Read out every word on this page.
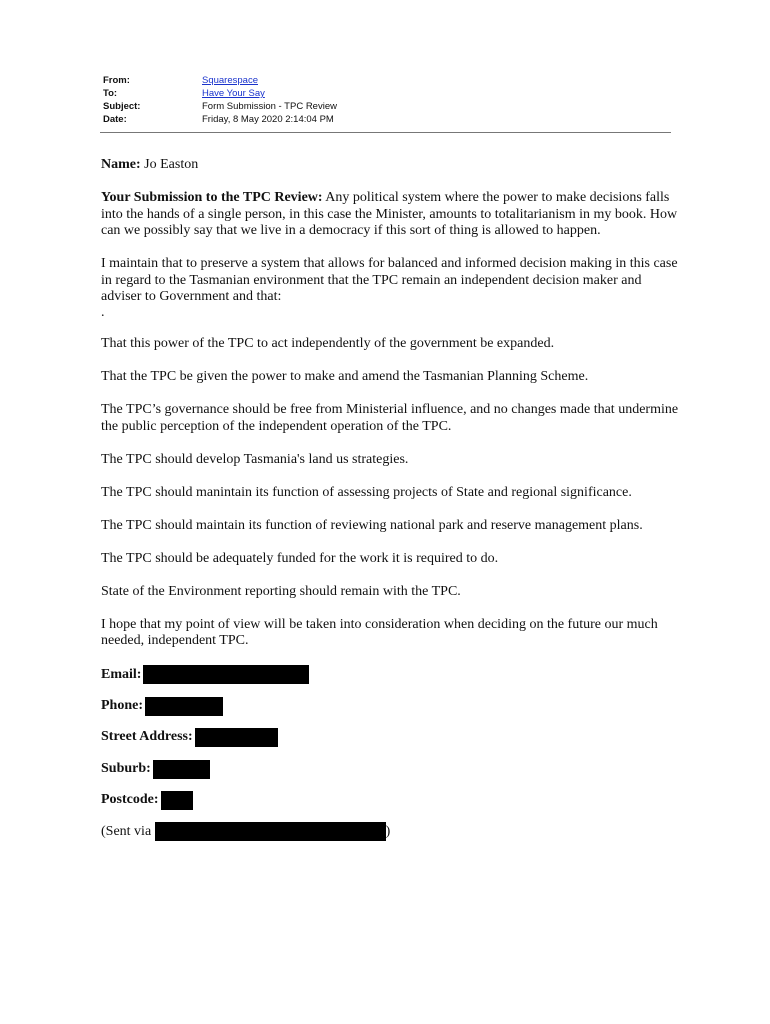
From:	Squarespace
To:	Have Your Say
Subject:	Form Submission - TPC Review
Date:	Friday, 8 May 2020 2:14:04 PM

Name: Jo Easton

Your Submission to the TPC Review: Any political system where the power to make decisions falls into the hands of a single person, in this case the Minister, amounts to totalitarianism in my book. How can we possibly say that we live in a democracy if this sort of thing is allowed to happen.

I maintain that to preserve a system that allows for balanced and informed decision making in this case in regard to the Tasmanian environment that the TPC remain an independent decision maker and adviser to Government and that:

.

That this power of the TPC to act independently of the government be expanded.

That the TPC be given the power to make and amend the Tasmanian Planning Scheme.

The TPC’s governance should be free from Ministerial influence, and no changes made that undermine the public perception of the independent operation of the TPC.

The TPC should develop Tasmania's land us strategies.

The TPC should manintain its function of assessing projects of State and regional significance.

The TPC should maintain its function of reviewing national park and reserve management plans.

The TPC should be adequately funded for the work it is required to do.

State of the Environment reporting should remain with the TPC.

I hope that my point of view will be taken into consideration when deciding on the future our much needed, independent TPC.

Email:
Phone:
Street Address:
Suburb:
Postcode:
(Sent via	)
